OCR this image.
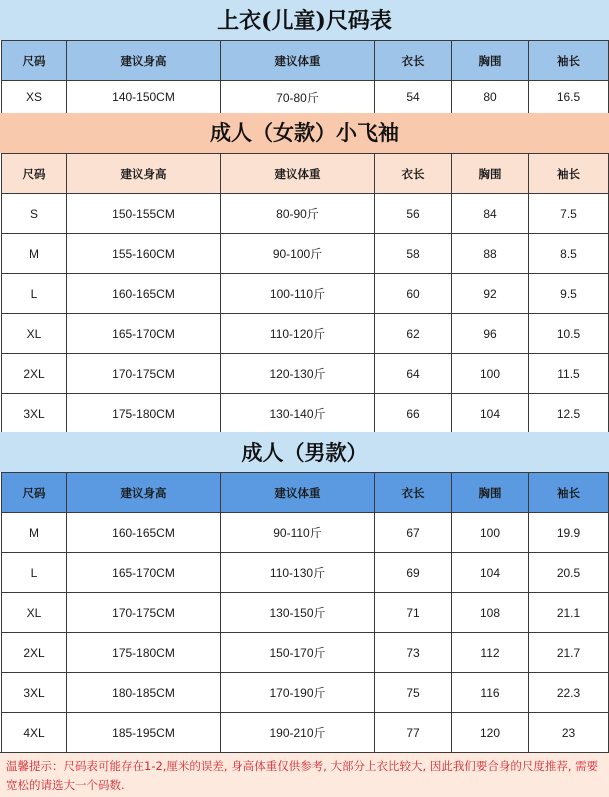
上衣(儿童)尺码表
尺码	建议身高	建议体重	衣长	胸围	袖长
XS	140-150CM	70-80斤	54	80	16.5
成人（女款）小飞袖
尺码	建议身高	建议体重	衣长	胸围	袖长
S	150-155CM	80-90斤	56	84	7.5
M	155-160CM	90-100斤	58	88	8.5
L	160-165CM	100-110斤	60	92	9.5
XL	165-170CM	110-120斤	62	96	10.5
2XL	170-175CM	120-130斤	64	100	11.5
3XL	175-180CM	130-140斤	66	104	12.5
成人（男款）
尺码	建议身高	建议体重	衣长	胸围	袖长
M	160-165CM	90-110斤	67	100	19.9
L	165-170CM	110-130斤	69	104	20.5
XL	170-175CM	130-150斤	71	108	21.1
2XL	175-180CM	150-170斤	73	112	21.7
3XL	180-185CM	170-190斤	75	116	22.3
4XL	185-195CM	190-210斤	77	120	23
温馨提示：尺码表可能存在1-2,厘米的误差, 身高体重仅供参考, 大部分上衣比较大, 因此我们要合身的尺度推荐, 需要宽松的请选大一个码数.
